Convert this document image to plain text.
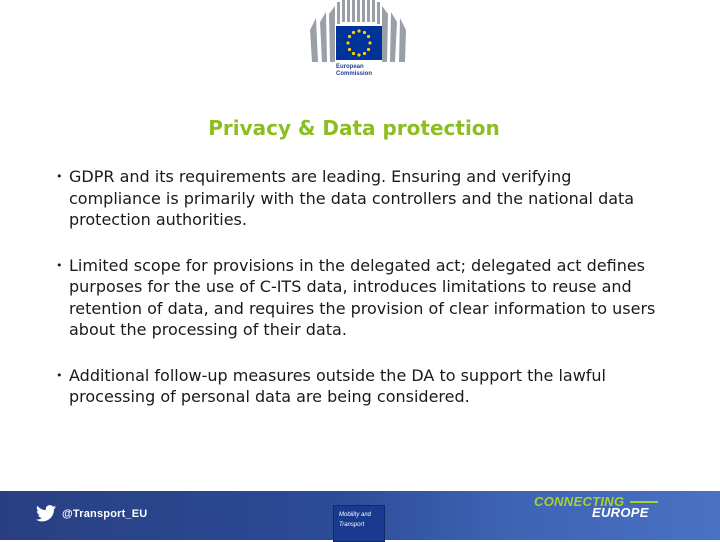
European
Commission
Privacy & Data protection
• GDPR and its requirements are leading. Ensuring and verifying compliance is primarily with the data controllers and the national data protection authorities.
• Limited scope for provisions in the delegated act; delegated act defines purposes for the use of C-ITS data, introduces limitations to reuse and retention of data, and requires the provision of clear information to users about the processing of their data.
• Additional follow-up measures outside the DA to support the lawful processing of personal data are being considered.
@Transport_EU	Mobility and Transport
CONNECTING
EUROPE
